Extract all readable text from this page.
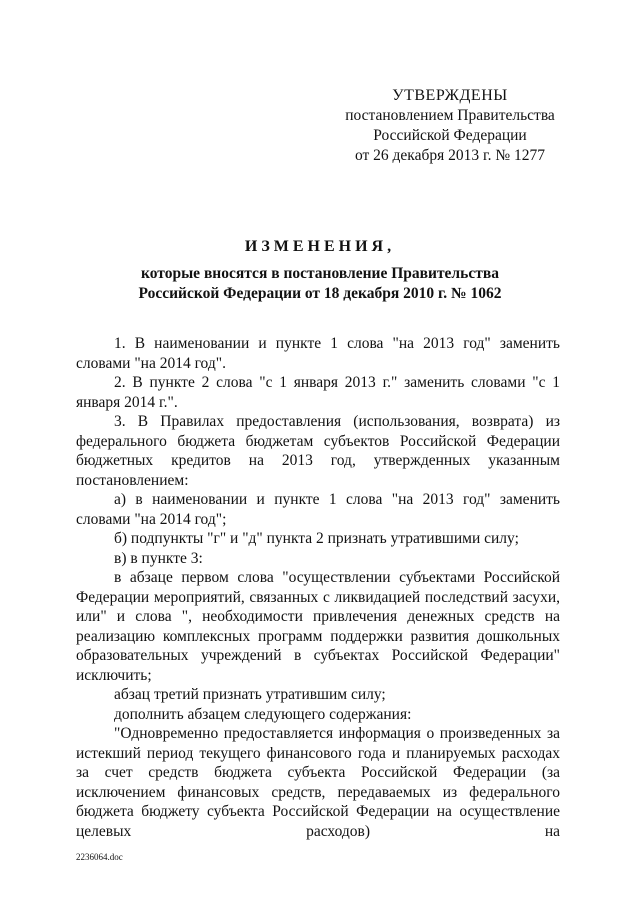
УТВЕРЖДЕНЫ
постановлением Правительства
Российской Федерации
от 26 декабря 2013 г. № 1277
ИЗМЕНЕНИЯ,
которые вносятся в постановление Правительства
Российской Федерации от 18 декабря 2010 г. № 1062

1. В наименовании и пункте 1 слова "на 2013 год" заменить словами "на 2014 год".

2. В пункте 2 слова "с 1 января 2013 г." заменить словами "с 1 января 2014 г.".

3. В Правилах предоставления (использования, возврата) из федерального бюджета бюджетам субъектов Российской Федерации бюджетных кредитов на 2013 год, утвержденных указанным постановлением:

а) в наименовании и пункте 1 слова "на 2013 год" заменить словами "на 2014 год";

б) подпункты "г" и "д" пункта 2 признать утратившими силу;

в) в пункте 3:

в абзаце первом слова "осуществлении субъектами Российской Федерации мероприятий, связанных с ликвидацией последствий засухи, или" и слова ", необходимости привлечения денежных средств на реализацию комплексных программ поддержки развития дошкольных образовательных учреждений в субъектах Российской Федерации" исключить;

абзац третий признать утратившим силу;

дополнить абзацем следующего содержания:

"Одновременно предоставляется информация о произведенных за истекший период текущего финансового года и планируемых расходах за счет средств бюджета субъекта Российской Федерации (за исключением финансовых средств, передаваемых из федерального бюджета бюджету субъекта Российской Федерации на осуществление целевых расходов) на

2236064.doc
